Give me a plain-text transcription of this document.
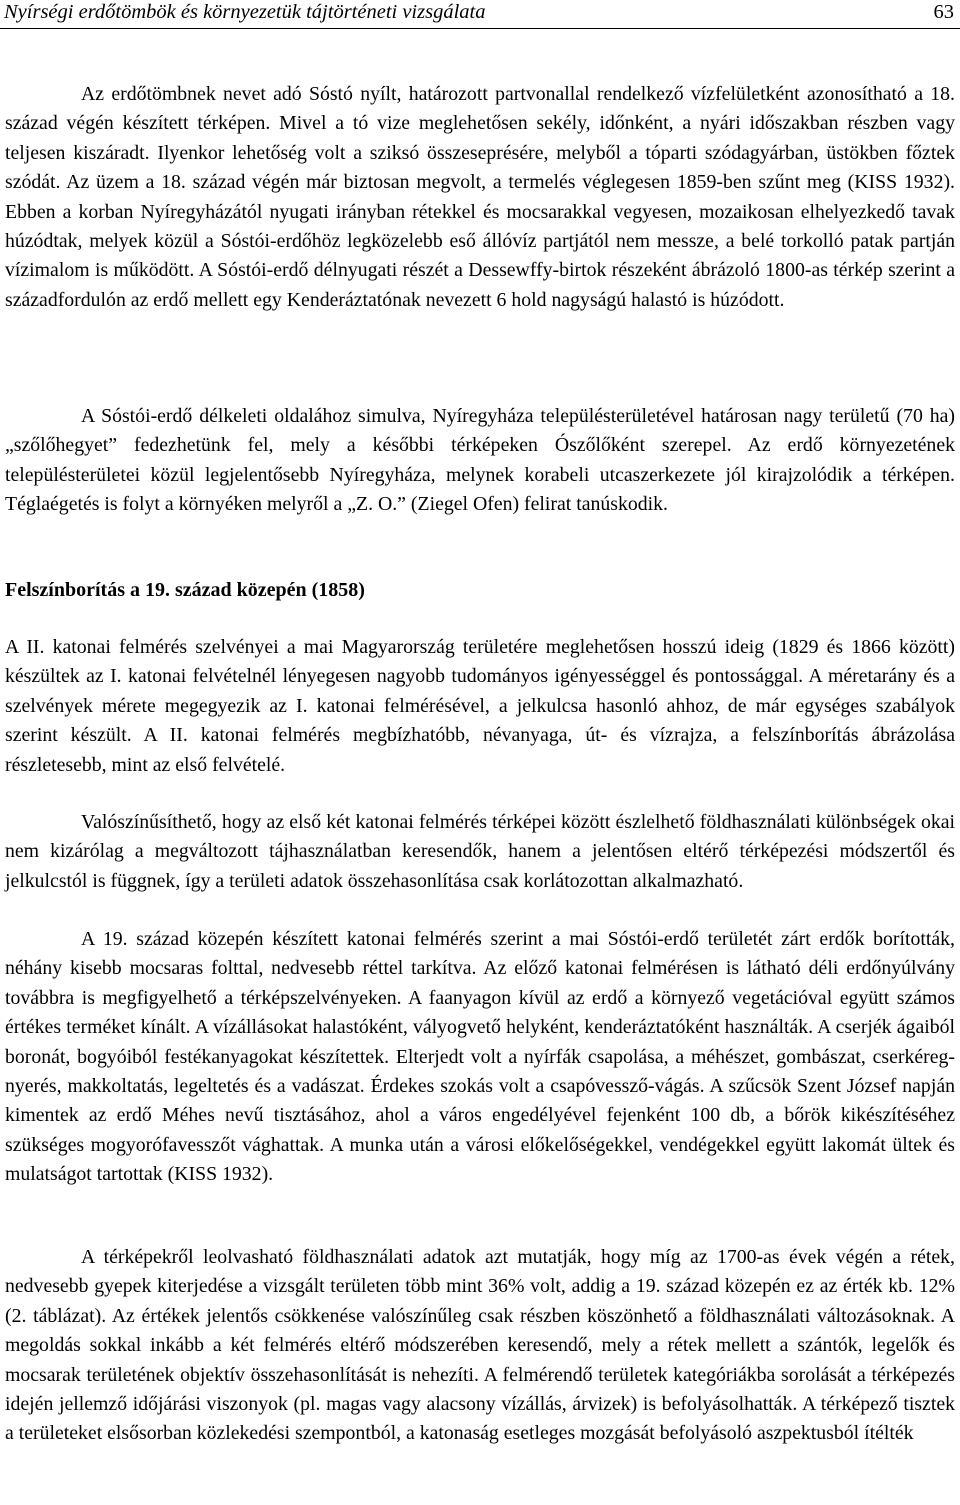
Nyírségi erdőtömbök és környezetük tájtörténeti vizsgálata	63

Az erdőtömbnek nevet adó Sóstó nyílt, határozott partvonallal rendelkező vízfelületként azonosítható a 18. század végén készített térképen. Mivel a tó vize meglehetősen sekély, időnként, a nyári időszakban részben vagy teljesen kiszáradt. Ilyenkor lehetőség volt a sziksó összeseprésére, melyből a tóparti szódagyárban, üstökben főztek szódát. Az üzem a 18. század végén már biztosan megvolt, a termelés véglegesen 1859-ben szűnt meg (KISS 1932). Ebben a korban Nyíregyházától nyugati irányban rétekkel és mocsarakkal vegyesen, mozaikosan elhelyezkedő tavak húzódtak, melyek közül a Sóstói-erdőhöz legközelebb eső állóvíz partjától nem messze, a belé torkolló patak partján vízimalom is működött. A Sóstói-erdő délnyugati részét a Dessewffy-birtok részeként ábrázoló 1800-as térkép szerint a századfordulón az erdő mellett egy Kenderáztatónak nevezett 6 hold nagyságú halastó is húzódott.

A Sóstói-erdő délkeleti oldalához simulva, Nyíregyháza településterületével határosan nagy területű (70 ha) „szőlőhegyet” fedezhetünk fel, mely a későbbi térképeken Ószőlőként szerepel. Az erdő környezetének településterületei közül legjelentősebb Nyíregyháza, melynek korabeli utcaszerkezete jól kirajzolódik a térképen. Téglaégetés is folyt a környéken melyről a „Z. O.” (Ziegel Ofen) felirat tanúskodik.

Felszínborítás a 19. század közepén (1858)

A II. katonai felmérés szelvényei a mai Magyarország területére meglehetősen hosszú ideig (1829 és 1866 között) készültek az I. katonai felvételnél lényegesen nagyobb tudományos igényességgel és pontossággal. A méretarány és a szelvények mérete megegyezik az I. katonai felmérésével, a jelkulcsa hasonló ahhoz, de már egységes szabályok szerint készült. A II. katonai felmérés megbízhatóbb, névanyaga, út- és vízrajza, a felszínborítás ábrázolása részletesebb, mint az első felvételé.

Valószínűsíthető, hogy az első két katonai felmérés térképei között észlelhető földhasználati különbségek okai nem kizárólag a megváltozott tájhasználatban keresendők, hanem a jelentősen eltérő térképezési módszertől és jelkulcstól is függnek, így a területi adatok összehasonlítása csak korlátozottan alkalmazható.

A 19. század közepén készített katonai felmérés szerint a mai Sóstói-erdő területét zárt erdők borították, néhány kisebb mocsaras folttal, nedvesebb réttel tarkítva. Az előző katonai felmérésen is látható déli erdőnyúlvány továbbra is megfigyelhető a térképszelvényeken. A faanyagon kívül az erdő a környező vegetációval együtt számos értékes terméket kínált. A vízállásokat halastóként, vályogvető helyként, kenderáztatóként használták. A cserjék ágaiból boronát, bogyóiból festékanyagokat készítettek. Elterjedt volt a nyírfák csapolása, a méhészet, gombászat, cserkéreg-nyerés, makkoltatás, legeltetés és a vadászat. Érdekes szokás volt a csapóvessző-vágás. A szűcsök Szent József napján kimentek az erdő Méhes nevű tisztásához, ahol a város engedélyével fejenként 100 db, a bőrök kikészítéséhez szükséges mogyorófavesszőt vághattak. A munka után a városi előkelőségekkel, vendégekkel együtt lakomát ültek és mulatságot tartottak (KISS 1932).

A térképekről leolvasható földhasználati adatok azt mutatják, hogy míg az 1700-as évek végén a rétek, nedvesebb gyepek kiterjedése a vizsgált területen több mint 36% volt, addig a 19. század közepén ez az érték kb. 12% (2. táblázat). Az értékek jelentős csökkenése valószínűleg csak részben köszönhető a földhasználati változásoknak. A megoldás sokkal inkább a két felmérés eltérő módszerében keresendő, mely a rétek mellett a szántók, legelők és mocsarak területének objektív összehasonlítását is nehezíti. A felmérendő területek kategóriákba sorolását a térképezés idején jellemző időjárási viszonyok (pl. magas vagy alacsony vízállás, árvizek) is befolyásolhatták. A térképező tisztek a területeket elsősorban közlekedési szempontból, a katonaság esetleges mozgását befolyásoló aszpektusból ítélték
